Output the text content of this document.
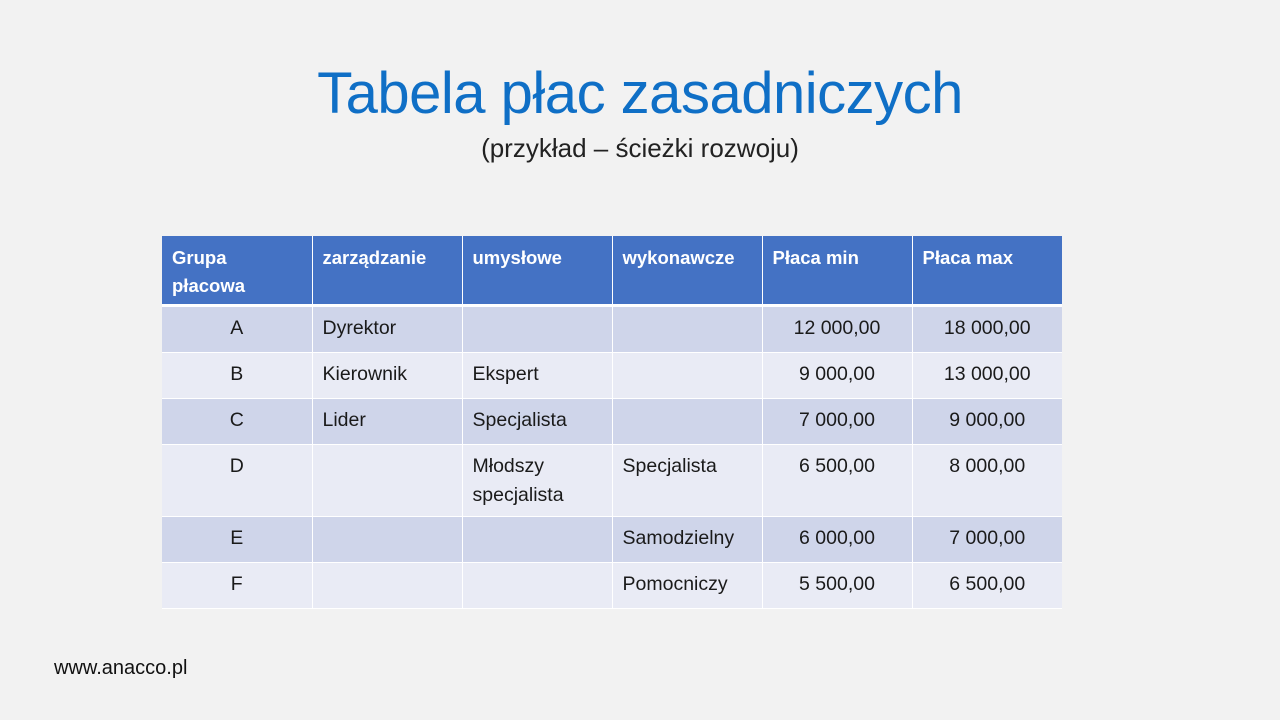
Tabela płac zasadniczych
(przykład – ścieżki rozwoju)
Grupa płacowa	zarządzanie	umysłowe	wykonawcze	Płaca min	Płaca max
A	Dyrektor			12 000,00	18 000,00
B	Kierownik	Ekspert		9 000,00	13 000,00
C	Lider	Specjalista		7 000,00	9 000,00
D		Młodszy specjalista	Specjalista	6 500,00	8 000,00
E			Samodzielny	6 000,00	7 000,00
F			Pomocniczy	5 500,00	6 500,00
www.anacco.pl
